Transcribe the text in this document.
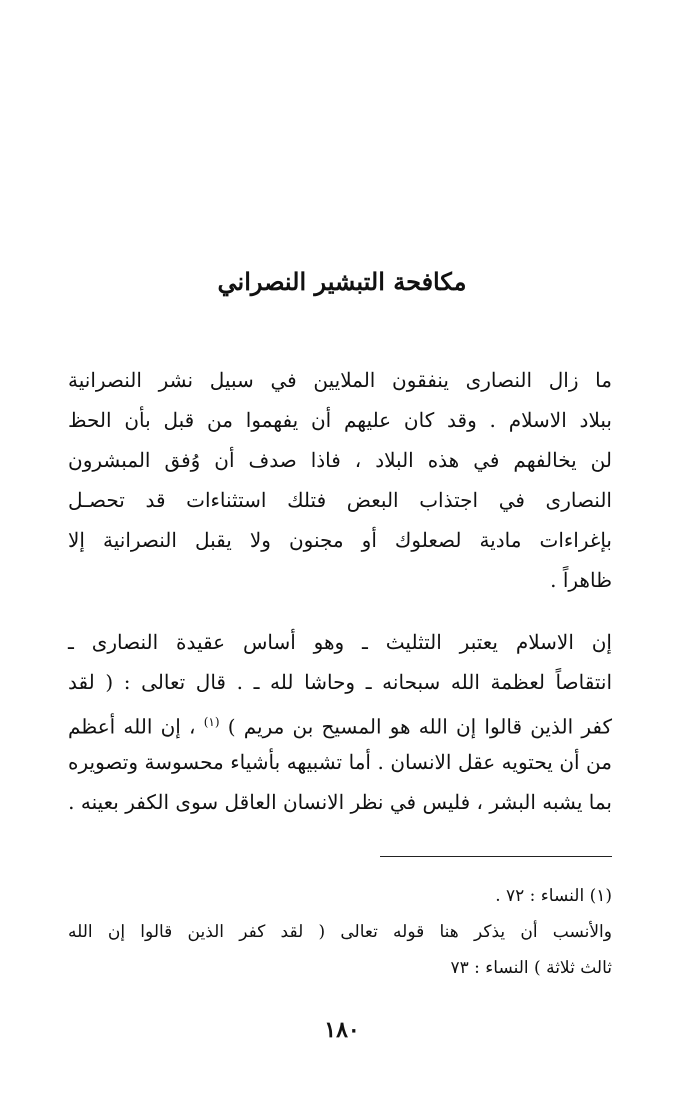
مكافحة التبشير النصراني
ما زال النصارى ينفقون الملايين في سبيل نشر النصرانية
ببلاد الاسلام . وقد كان عليهم أن يفهموا من قبل بأن الحظ
لن يخالفهم في هذه البلاد ، فاذا صدف أن وُفق المبشرون
النصارى في اجتذاب البعض فتلك استثناءات قد تحصـل
بإغراءات مادية لصعلوك أو مجنون ولا يقبل النصرانية إلا
ظاهراً .
إن الاسلام يعتبر التثليث ـ وهو أساس عقيدة النصارى ـ
انتقاصاً لعظمة الله سبحانه ـ وحاشا لله ـ . قال تعالى : ( لقد
كفر الذين قالوا إن الله هو المسيح بن مريم ) $^{(١)}$ ، إن الله أعظم
من أن يحتويه عقل الانسان . أما تشبيهه بأشياء محسوسة وتصويره
بما يشبه البشر ، فليس في نظر الانسان العاقل سوى الكفر بعينه .
(١) النساء : ٧٢ .
والأنسب أن يذكر هنا قوله تعالى ( لقد كفر الذين قالوا إن الله
ثالث ثلاثة ) النساء : ٧٣
١٨٠
